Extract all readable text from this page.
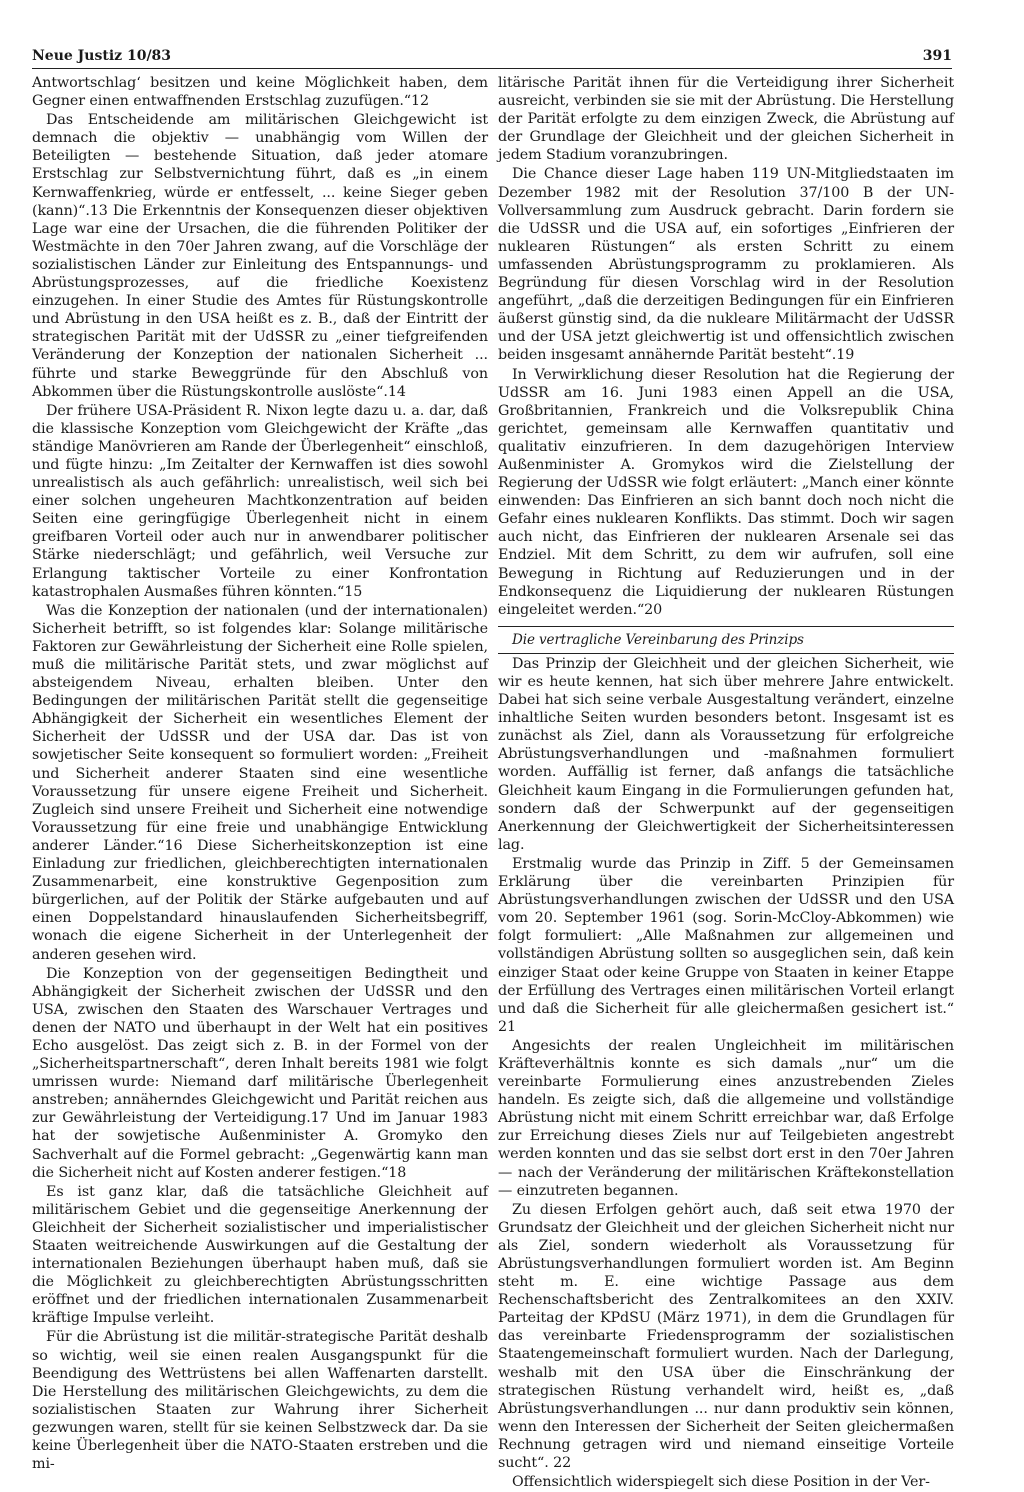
Neue Justiz 10/83	391

Antwortschlag‘ besitzen und keine Möglichkeit haben, dem Gegner einen entwaffnenden Erstschlag zuzufügen.“12

Das Entscheidende am militärischen Gleichgewicht ist demnach die objektiv — unabhängig vom Willen der Beteiligten — bestehende Situation, daß jeder atomare Erstschlag zur Selbstvernichtung führt, daß es „in einem Kernwaffenkrieg, würde er entfesselt, ... keine Sieger geben (kann)“.13 Die Erkenntnis der Konsequenzen dieser objektiven Lage war eine der Ursachen, die die führenden Politiker der Westmächte in den 70er Jahren zwang, auf die Vorschläge der sozialistischen Länder zur Einleitung des Entspannungs- und Abrüstungsprozesses, auf die friedliche Koexistenz einzugehen. In einer Studie des Amtes für Rüstungskontrolle und Abrüstung in den USA heißt es z. B., daß der Eintritt der strategischen Parität mit der UdSSR zu „einer tiefgreifenden Veränderung der Konzeption der nationalen Sicherheit ... führte und starke Beweggründe für den Abschluß von Abkommen über die Rüstungskontrolle auslöste“.14

Der frühere USA-Präsident R. Nixon legte dazu u. a. dar, daß die klassische Konzeption vom Gleichgewicht der Kräfte „das ständige Manövrieren am Rande der Überlegenheit“ einschloß, und fügte hinzu: „Im Zeitalter der Kernwaffen ist dies sowohl unrealistisch als auch gefährlich: unrealistisch, weil sich bei einer solchen ungeheuren Machtkonzentration auf beiden Seiten eine geringfügige Überlegenheit nicht in einem greifbaren Vorteil oder auch nur in anwendbarer politischer Stärke niederschlägt; und gefährlich, weil Versuche zur Erlangung taktischer Vorteile zu einer Konfrontation katastrophalen Ausmaßes führen könnten.“15

Was die Konzeption der nationalen (und der internationalen) Sicherheit betrifft, so ist folgendes klar: Solange militärische Faktoren zur Gewährleistung der Sicherheit eine Rolle spielen, muß die militärische Parität stets, und zwar möglichst auf absteigendem Niveau, erhalten bleiben. Unter den Bedingungen der militärischen Parität stellt die gegenseitige Abhängigkeit der Sicherheit ein wesentliches Element der Sicherheit der UdSSR und der USA dar. Das ist von sowjetischer Seite konsequent so formuliert worden: „Freiheit und Sicherheit anderer Staaten sind eine wesentliche Voraussetzung für unsere eigene Freiheit und Sicherheit. Zugleich sind unsere Freiheit und Sicherheit eine notwendige Voraussetzung für eine freie und unabhängige Entwicklung anderer Länder.“16 Diese Sicherheitskonzeption ist eine Einladung zur friedlichen, gleichberechtigten internationalen Zusammenarbeit, eine konstruktive Gegenposition zum bürgerlichen, auf der Politik der Stärke aufgebauten und auf einen Doppelstandard hinauslaufenden Sicherheitsbegriff, wonach die eigene Sicherheit in der Unterlegenheit der anderen gesehen wird.

Die Konzeption von der gegenseitigen Bedingtheit und Abhängigkeit der Sicherheit zwischen der UdSSR und den USA, zwischen den Staaten des Warschauer Vertrages und denen der NATO und überhaupt in der Welt hat ein positives Echo ausgelöst. Das zeigt sich z. B. in der Formel von der „Sicherheitspartnerschaft“, deren Inhalt bereits 1981 wie folgt umrissen wurde: Niemand darf militärische Überlegenheit anstreben; annäherndes Gleichgewicht und Parität reichen aus zur Gewährleistung der Verteidigung.17 Und im Januar 1983 hat der sowjetische Außenminister A. Gromyko den Sachverhalt auf die Formel gebracht: „Gegenwärtig kann man die Sicherheit nicht auf Kosten anderer festigen.“18

Es ist ganz klar, daß die tatsächliche Gleichheit auf militärischem Gebiet und die gegenseitige Anerkennung der Gleichheit der Sicherheit sozialistischer und imperialistischer Staaten weitreichende Auswirkungen auf die Gestaltung der internationalen Beziehungen überhaupt haben muß, daß sie die Möglichkeit zu gleichberechtigten Abrüstungsschritten eröffnet und der friedlichen internationalen Zusammenarbeit kräftige Impulse verleiht.

Für die Abrüstung ist die militär-strategische Parität deshalb so wichtig, weil sie einen realen Ausgangspunkt für die Beendigung des Wettrüstens bei allen Waffenarten darstellt. Die Herstellung des militärischen Gleichgewichts, zu dem die sozialistischen Staaten zur Wahrung ihrer Sicherheit gezwungen waren, stellt für sie keinen Selbstzweck dar. Da sie keine Überlegenheit über die NATO-Staaten erstreben und die mi-

litärische Parität ihnen für die Verteidigung ihrer Sicherheit ausreicht, verbinden sie sie mit der Abrüstung. Die Herstellung der Parität erfolgte zu dem einzigen Zweck, die Abrüstung auf der Grundlage der Gleichheit und der gleichen Sicherheit in jedem Stadium voranzubringen.

Die Chance dieser Lage haben 119 UN-Mitgliedstaaten im Dezember 1982 mit der Resolution 37/100 B der UN-Vollversammlung zum Ausdruck gebracht. Darin fordern sie die UdSSR und die USA auf, ein sofortiges „Einfrieren der nuklearen Rüstungen“ als ersten Schritt zu einem umfassenden Abrüstungsprogramm zu proklamieren. Als Begründung für diesen Vorschlag wird in der Resolution angeführt, „daß die derzeitigen Bedingungen für ein Einfrieren äußerst günstig sind, da die nukleare Militärmacht der UdSSR und der USA jetzt gleichwertig ist und offensichtlich zwischen beiden insgesamt annähernde Parität besteht“.19

In Verwirklichung dieser Resolution hat die Regierung der UdSSR am 16. Juni 1983 einen Appell an die USA, Großbritannien, Frankreich und die Volksrepublik China gerichtet, gemeinsam alle Kernwaffen quantitativ und qualitativ einzufrieren. In dem dazugehörigen Interview Außenminister A. Gromykos wird die Zielstellung der Regierung der UdSSR wie folgt erläutert: „Manch einer könnte einwenden: Das Einfrieren an sich bannt doch noch nicht die Gefahr eines nuklearen Konflikts. Das stimmt. Doch wir sagen auch nicht, das Einfrieren der nuklearen Arsenale sei das Endziel. Mit dem Schritt, zu dem wir aufrufen, soll eine Bewegung in Richtung auf Reduzierungen und in der Endkonsequenz die Liquidierung der nuklearen Rüstungen eingeleitet werden.“20

Die vertragliche Vereinbarung des Prinzips

Das Prinzip der Gleichheit und der gleichen Sicherheit, wie wir es heute kennen, hat sich über mehrere Jahre entwickelt. Dabei hat sich seine verbale Ausgestaltung verändert, einzelne inhaltliche Seiten wurden besonders betont. Insgesamt ist es zunächst als Ziel, dann als Voraussetzung für erfolgreiche Abrüstungsverhandlungen und -maßnahmen formuliert worden. Auffällig ist ferner, daß anfangs die tatsächliche Gleichheit kaum Eingang in die Formulierungen gefunden hat, sondern daß der Schwerpunkt auf der gegenseitigen Anerkennung der Gleichwertigkeit der Sicherheitsinteressen lag.

Erstmalig wurde das Prinzip in Ziff. 5 der Gemeinsamen Erklärung über die vereinbarten Prinzipien für Abrüstungsverhandlungen zwischen der UdSSR und den USA vom 20. September 1961 (sog. Sorin-McCloy-Abkommen) wie folgt formuliert: „Alle Maßnahmen zur allgemeinen und vollständigen Abrüstung sollten so ausgeglichen sein, daß kein einziger Staat oder keine Gruppe von Staaten in keiner Etappe der Erfüllung des Vertrages einen militärischen Vorteil erlangt und daß die Sicherheit für alle gleichermaßen gesichert ist.“ 21

Angesichts der realen Ungleichheit im militärischen Kräfteverhältnis konnte es sich damals „nur“ um die vereinbarte Formulierung eines anzustrebenden Zieles handeln. Es zeigte sich, daß die allgemeine und vollständige Abrüstung nicht mit einem Schritt erreichbar war, daß Erfolge zur Erreichung dieses Ziels nur auf Teilgebieten angestrebt werden konnten und das sie selbst dort erst in den 70er Jahren — nach der Veränderung der militärischen Kräftekonstellation — einzutreten begannen.

Zu diesen Erfolgen gehört auch, daß seit etwa 1970 der Grundsatz der Gleichheit und der gleichen Sicherheit nicht nur als Ziel, sondern wiederholt als Voraussetzung für Abrüstungsverhandlungen formuliert worden ist. Am Beginn steht m. E. eine wichtige Passage aus dem Rechenschaftsbericht des Zentralkomitees an den XXIV. Parteitag der KPdSU (März 1971), in dem die Grundlagen für das vereinbarte Friedensprogramm der sozialistischen Staatengemeinschaft formuliert wurden. Nach der Darlegung, weshalb mit den USA über die Einschränkung der strategischen Rüstung verhandelt wird, heißt es, „daß Abrüstungsverhandlungen ... nur dann produktiv sein können, wenn den Interessen der Sicherheit der Seiten gleichermaßen Rechnung getragen wird und niemand einseitige Vorteile sucht“. 22

Offensichtlich widerspiegelt sich diese Position in der Ver-
